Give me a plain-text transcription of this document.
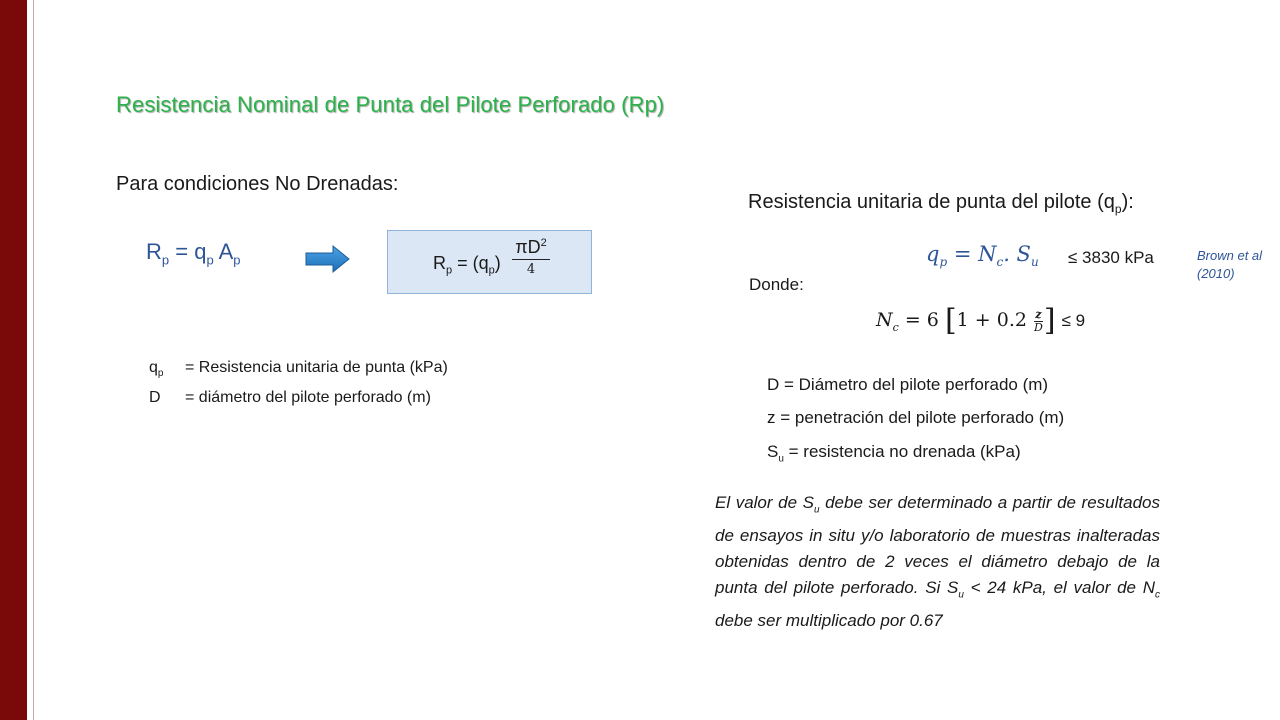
Resistencia Nominal de Punta del Pilote Perforado (Rp)
Para condiciones No Drenadas:
$R_p = q_p$ $A_p$	$R_p = (q_p)$
$\pi D^2$
4
$q_p$ = Resistencia unitaria de punta (kPa)
D = diámetro del pilote perforado (m)
Resistencia unitaria de punta del pilote $(q_p)$:
$q_p = N_c$. $S_u \le 3830$ kPa	Brown et al (2010)
Donde:
$N_c = 6$ [$1 + 0.2 \frac{z}{D}$ ] ≤ 9
D = Diámetro del pilote perforado (m)
z = penetración del pilote perforado (m)
$S_u$ = resistencia no drenada (kPa)
El valor de $S_u$ debe ser determinado a partir de resultados de ensayos in situ y/o laboratorio de muestras inalteradas obtenidas dentro de 2 veces el diámetro debajo de la punta del pilote perforado. Si $S_u < 24$ kPa, el valor de $N_c$ debe ser multiplicado por 0.67
